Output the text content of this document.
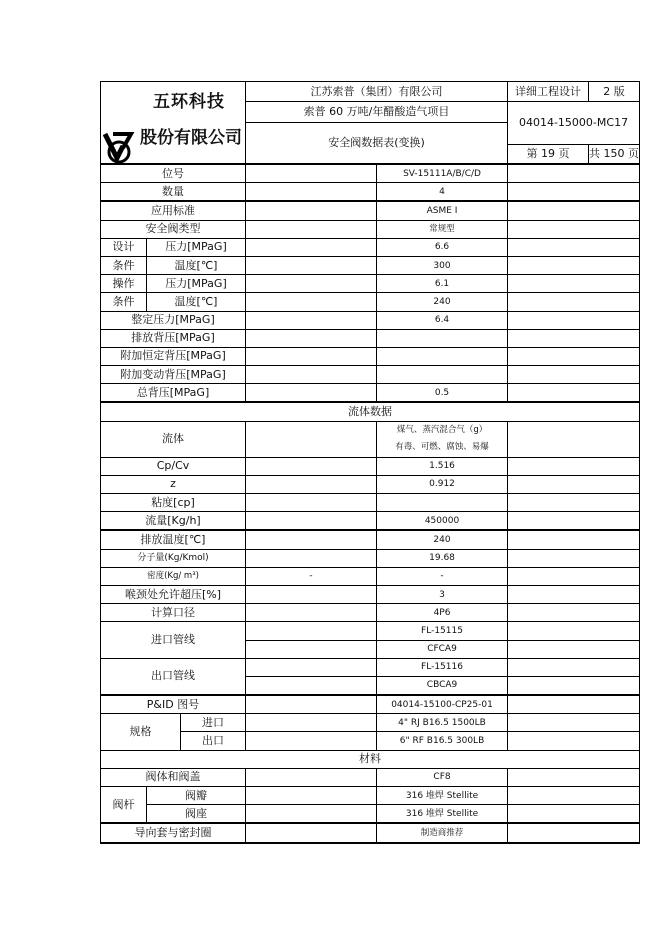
五环科技
股份有限公司			江苏索普（集团）有限公司		详细工程设计	2 版
			索普 60 万吨/年醋酸造气项目		04014-15000-MC17	
			安全阀数据表(变换)			
					第 19 页	共 150 页
位号				SV-15111A/B/C/D		
数量				4		
应用标准				ASME Ⅰ		
安全阀类型				常规型		
设计	压力[MPaG]			6.6		
条件	温度[℃]			300		
操作	压力[MPaG]			6.1		
条件	温度[℃]			240		
整定压力[MPaG]				6.4		
排放背压[MPaG]						
附加恒定背压[MPaG]						
附加变动背压[MPaG]						
总背压[MPaG]				0.5		
流体数据						
流体				煤气、蒸汽混合气（g）
有毒、可燃、腐蚀、易爆		

Cp/Cv				1.516		
z				0.912		
粘度[cp]						
流量[Kg/h]				450000		
排放温度[℃]				240		
分子量(Kg/Kmol)				19.68		
密度(Kg/ m³)			-	-		
喉颈处允许超压[%]				3		
计算口径				4P6		
进口管线				FL-15115		
				CFCA9		
出口管线				FL-15116		
				CBCA9		
P&ID 图号				04014-15100-CP25-01		
规格		进口		4" RJ B16.5 1500LB		
		出口		6" RF B16.5 300LB		
材料						
阀体和阀盖				CF8		
阀杆	阀瓣			316 堆焊 Stellite		
	阀座			316 堆焊 Stellite		
导向套与密封圈				制造商推荐		
